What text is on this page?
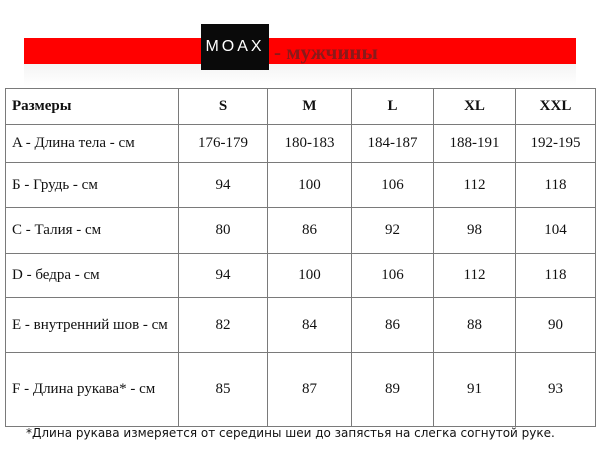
MOAX - мужчины
Размеры	S	M	L	XL	XXL
A - Длина тела - см	176-179	180-183	184-187	188-191	192-195
Б - Грудь - см	94	100	106	112	118
C - Талия - см	80	86	92	98	104
D - бедра - см	94	100	106	112	118
E - внутренний шов - см	82	84	86	88	90
F - Длина рукава* - см	85	87	89	91	93
*Длина рукава измеряется от середины шеи до запястья на слегка согнутой руке.
